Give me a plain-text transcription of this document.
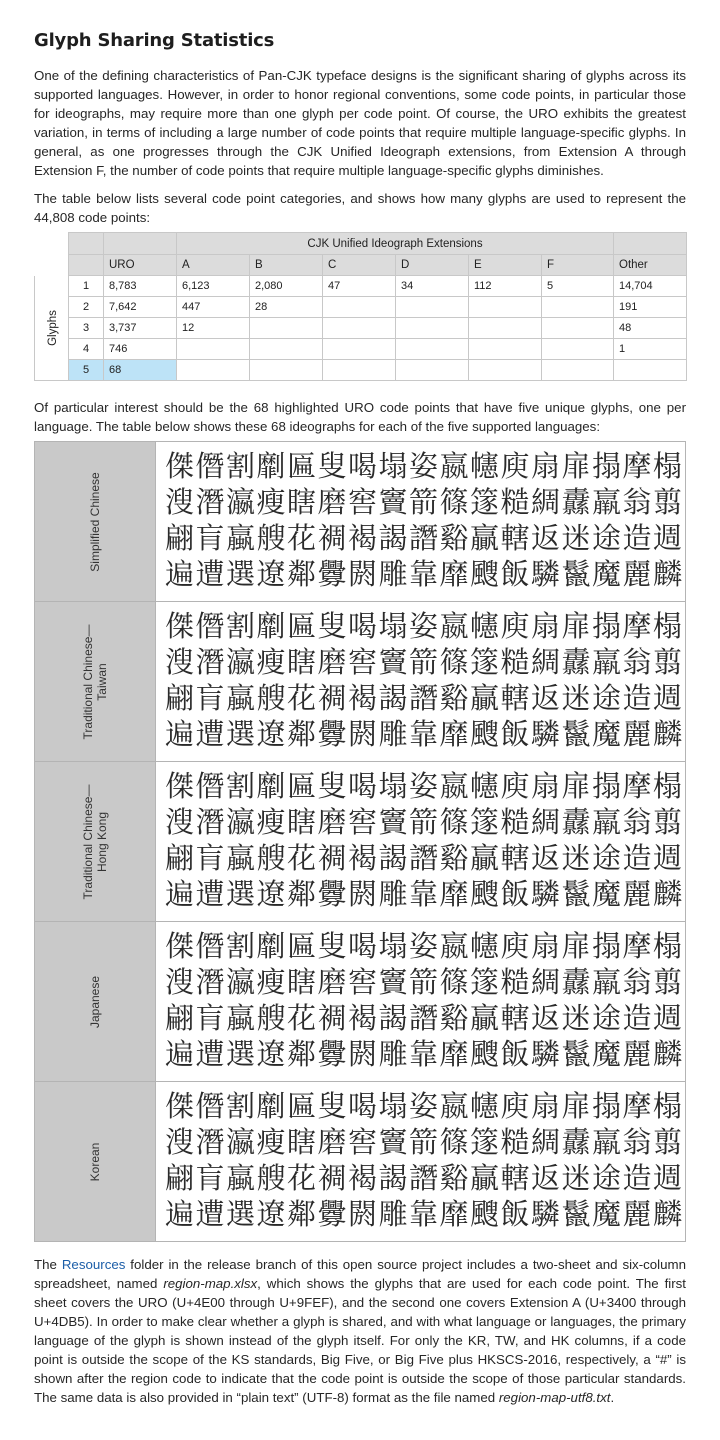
Glyph Sharing Statistics

One of the defining characteristics of Pan-CJK typeface designs is the significant sharing of glyphs across its supported languages. However, in order to honor regional conventions, some code points, in particular those for ideographs, may require more than one glyph per code point. Of course, the URO exhibits the greatest variation, in terms of including a large number of code points that require multiple language-specific glyphs. In general, as one progresses through the CJK Unified Ideograph extensions, from Extension A through Extension F, the number of code points that require multiple language-specific glyphs diminishes.

The table below lists several code point categories, and shows how many glyphs are used to represent the 44,808 code points:

			CJK Unified Ideograph Extensions						
		URO	A	B	C	D	E	F	Other
Glyphs	1	8,783	6,123	2,080	47	34	112	5	14,704
	2	7,642	447	28					191
	3	3,737	12						48
	4	746							1
	5	68							

Of particular interest should be the 68 highlighted URO code points that have five unique glyphs, one per language. The table below shows these 68 ideographs for each of the five supported languages:

Simplified Chinese
傑僭割劘匾叟喝塌姿嬴幰庾扇扉搨摩榻
溲潛瀛瘦瞎磨窖竇箭篠篴糙綢纛羸翁翦
翩肓蠃艘花裯褐謁譖谿贏轄返迷途造週
遍遭選遼鄰釁閼雕靠靡颼飯驎鬣魔麗麟
Traditional Chinese—
Taiwan
傑僭割劘匾叟喝塌姿嬴幰庾扇扉搨摩榻
溲潛瀛瘦瞎磨窖竇箭篠篴糙綢纛羸翁翦
翩肓蠃艘花裯褐謁譖谿贏轄返迷途造週
遍遭選遼鄰釁閼雕靠靡颼飯驎鬣魔麗麟
Traditional Chinese—
Hong Kong
傑僭割劘匾叟喝塌姿嬴幰庾扇扉搨摩榻
溲潛瀛瘦瞎磨窖竇箭篠篴糙綢纛羸翁翦
翩肓蠃艘花裯褐謁譖谿贏轄返迷途造週
遍遭選遼鄰釁閼雕靠靡颼飯驎鬣魔麗麟
Japanese
傑僭割劘匾叟喝塌姿嬴幰庾扇扉搨摩榻
溲潛瀛瘦瞎磨窖竇箭篠篴糙綢纛羸翁翦
翩肓蠃艘花裯褐謁譖谿贏轄返迷途造週
遍遭選遼鄰釁閼雕靠靡颼飯驎鬣魔麗麟
Korean
傑僭割劘匾叟喝塌姿嬴幰庾扇扉搨摩榻
溲潛瀛瘦瞎磨窖竇箭篠篴糙綢纛羸翁翦
翩肓蠃艘花裯褐謁譖谿贏轄返迷途造週
遍遭選遼鄰釁閼雕靠靡颼飯驎鬣魔麗麟

The Resources folder in the release branch of this open source project includes a two-sheet and six-column spreadsheet, named region-map.xlsx, which shows the glyphs that are used for each code point. The first sheet covers the URO (U+4E00 through U+9FEF), and the second one covers Extension A (U+3400 through U+4DB5). In order to make clear whether a glyph is shared, and with what language or languages, the primary language of the glyph is shown instead of the glyph itself. For only the KR, TW, and HK columns, if a code point is outside the scope of the KS standards, Big Five, or Big Five plus HKSCS-2016, respectively, a “#” is shown after the region code to indicate that the code point is outside the scope of those particular standards. The same data is also provided in “plain text” (UTF-8) format as the file named region-map-utf8.txt.
